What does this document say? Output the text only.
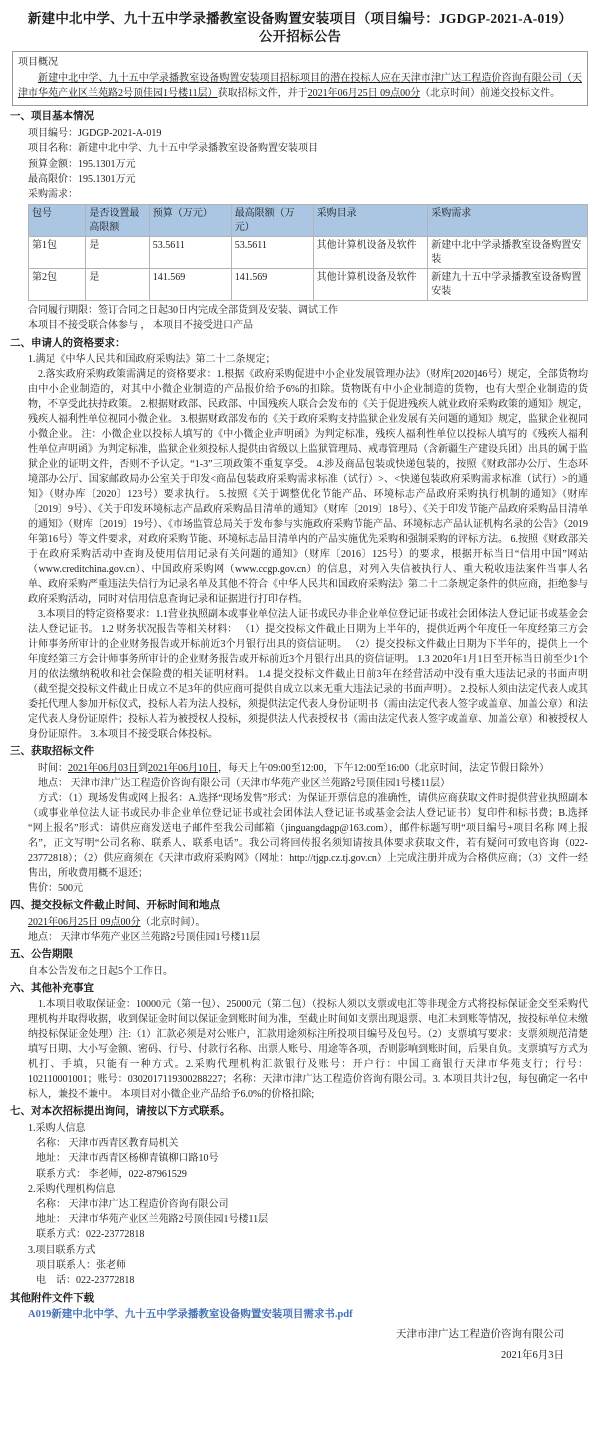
新建中北中学、九十五中学录播教室设备购置安装项目（项目编号：JGDGP-2021-A-019）公开招标公告
项目概况
新建中北中学、九十五中学录播教室设备购置安装项目招标项目的潜在投标人应在天津市津广达工程造价咨询有限公司（天津市华苑产业区兰苑路2号顶佳园1号楼11层）获取招标文件，并于2021年06月25日 09点00分（北京时间）前递交投标文件。
一、项目基本情况
项目编号：JGDGP-2021-A-019
项目名称：新建中北中学、九十五中学录播教室设备购置安装项目
预算金额：195.1301万元
最高限价：195.1301万元
采购需求：
包号	是否设置最高限额	预算（万元）	最高限额（万元）	采购目录	采购需求
第1包	是	53.5611	53.5611	其他计算机设备及软件	新建中北中学录播教室设备购置安装
第2包	是	141.569	141.569	其他计算机设备及软件	新建九十五中学录播教室设备购置安装
合同履行期限：签订合同之日起30日内完成全部货到及安装、调试工作
本项目不接受联合体参与 ， 本项目不接受进口产品
二、申请人的资格要求：
1.满足《中华人民共和国政府采购法》第二十二条规定；
2.落实政府采购政策需满足的资格要求：1.根据《政府采购促进中小企业发展管理办法》（财库[2020]46号）规定，全部货物均由中小企业制造的，对其中小微企业制造的产品报价给予6%的扣除。货物既有中小企业制造的货物，也有大型企业制造的货物，不享受此扶持政策。 2.根据财政部、民政部、中国残疾人联合会发布的《关于促进残疾人就业政府采购政策的通知》规定，残疾人福利性单位视同小微企业。 3.根据财政部发布的《关于政府采购支持监狱企业发展有关问题的通知》规定，监狱企业视同小微企业。 注：小微企业以投标人填写的《中小微企业声明函》为判定标准，残疾人福利性单位以投标人填写的《残疾人福利性单位声明函》为判定标准，监狱企业须投标人提供由省级以上监狱管理局、戒毒管理局（含新疆生产建设兵团）出具的属于监狱企业的证明文件，否则不予认定。“1-3”三项政策不重复享受。 4.涉及商品包装或快递包装的，按照《财政部办公厅、生态环境部办公厅、国家邮政局办公室关于印发<商品包装政府采购需求标准（试行）>、<快递包装政府采购需求标准（试行）>的通知》（财办库〔2020〕123号）要求执行。 5.按照《关于调整优化节能产品、环境标志产品政府采购执行机制的通知》（财库〔2019〕9号）、《关于印发环境标志产品政府采购品目清单的通知》（财库〔2019〕18号）、《关于印发节能产品政府采购品目清单的通知》（财库〔2019〕19号）、《市场监管总局关于发布参与实施政府采购节能产品、环境标志产品认证机构名录的公告》（2019年第16号）等文件要求，对政府采购节能、环境标志品目清单内的产品实施优先采购和强制采购的评标方法。 6.按照《财政部关于在政府采购活动中查询及使用信用记录有关问题的通知》（财库〔2016〕125号）的要求，根据开标当日“信用中国”网站（www.creditchina.gov.cn）、中国政府采购网（www.ccgp.gov.cn）的信息，对列入失信被执行人、重大税收违法案件当事人名单、政府采购严重违法失信行为记录名单及其他不符合《中华人民共和国政府采购法》第二十二条规定条件的供应商，拒绝参与政府采购活动，同时对信用信息查询记录和证据进行打印存档。
3.本项目的特定资格要求：1.1营业执照副本或事业单位法人证书或民办非企业单位登记证书或社会团体法人登记证书或基金会法人登记证书。 1.2 财务状况报告等相关材料： （1）提交投标文件截止日期为上半年的，提供近两个年度任一年度经第三方会计师事务所审计的企业财务报告或开标前近3个月银行出具的资信证明。 （2）提交投标文件截止日期为下半年的，提供上一个年度经第三方会计师事务所审计的企业财务报告或开标前近3个月银行出具的资信证明。 1.3 2020年1月1日至开标当日前至少1个月的依法缴纳税收和社会保险费的相关证明材料。 1.4 提交投标文件截止日前3年在经营活动中没有重大违法记录的书面声明（截至提交投标文件截止日成立不足3年的供应商可提供自成立以来无重大违法记录的书面声明）。 2.投标人须由法定代表人或其委托代理人参加开标仪式，投标人若为法人投标，须提供法定代表人身份证明书（需由法定代表人签字或盖章、加盖公章）和法定代表人身份证原件；投标人若为被授权人投标，须提供法人代表授权书（需由法定代表人签字或盖章、加盖公章）和被授权人身份证原件。 3.本项目不接受联合体投标。
三、获取招标文件
时间：2021年06月03日到2021年06月10日，每天上午09:00至12:00，下午12:00至16:00（北京时间，法定节假日除外）
地点： 天津市津广达工程造价咨询有限公司（天津市华苑产业区兰苑路2号顶佳园1号楼11层）
方式：（1）现场发售或网上报名：A.选择“现场发售”形式：为保证开票信息的准确性，请供应商获取文件时提供营业执照副本（或事业单位法人证书或民办非企业单位登记证书或社会团体法人登记证书或基金会法人登记证书）复印件和标书费；B.选择“网上报名”形式：请供应商发送电子邮件至我公司邮箱（jinguangdagp@163.com），邮件标题写明“项目编号+项目名称 网上报名”，正文写明“公司名称、联系人、联系电话”。我公司将回传报名须知请按具体要求获取文件，若有疑问可致电咨询（022-23772818）；（2）供应商须在《天津市政府采购网》（网址：http://tjgp.cz.tj.gov.cn）上完成注册并成为合格供应商；（3）文件一经售出，所收费用概不退还；
售价：500元
四、提交投标文件截止时间、开标时间和地点
2021年06月25日 09点00分（北京时间）。
地点： 天津市华苑产业区兰苑路2号顶佳园1号楼11层
五、公告期限
自本公告发布之日起5个工作日。
六、其他补充事宜
1.本项目收取保证金：10000元（第一包）、25000元（第二包）（投标人须以支票或电汇等非现金方式将投标保证金交至采购代理机构并取得收据，收到保证金时间以保证金到账时间为准，至截止时间如支票出现退票、电汇未到账等情况，按投标单位未缴纳投标保证金处理）注:（1）汇款必须是对公账户，汇款用途须标注所投项目编号及包号。（2）支票填写要求：支票须规范清楚填写日期、大小写金额、密码、行号、付款行名称、出票人账号、用途等各项，否则影响到账时间，后果自负。支票填写方式为机打、手填，只能有一种方式。2.采购代理机构汇款银行及账号：开户行：中国工商银行天津市华苑支行；行号：102110001001；账号：0302017119300288227；名称：天津市津广达工程造价咨询有限公司。3. 本项目共计2包，每包确定一名中标人，兼投不兼中。 本项目对小微企业产品给予6.0%的价格扣除;
七、对本次招标提出询问，请按以下方式联系。
1.采购人信息
名称： 天津市西青区教育局机关
地址： 天津市西青区杨柳青镇柳口路10号
联系方式： 李老师，022-87961529
2.采购代理机构信息
名称： 天津市津广达工程造价咨询有限公司
地址： 天津市华苑产业区兰苑路2号顶佳园1号楼11层
联系方式：022-23772818
3.项目联系方式
项目联系人：张老师
电　话：022-23772818
其他附件文件下载
A019新建中北中学、九十五中学录播教室设备购置安装项目需求书.pdf
天津市津广达工程造价咨询有限公司
2021年6月3日
